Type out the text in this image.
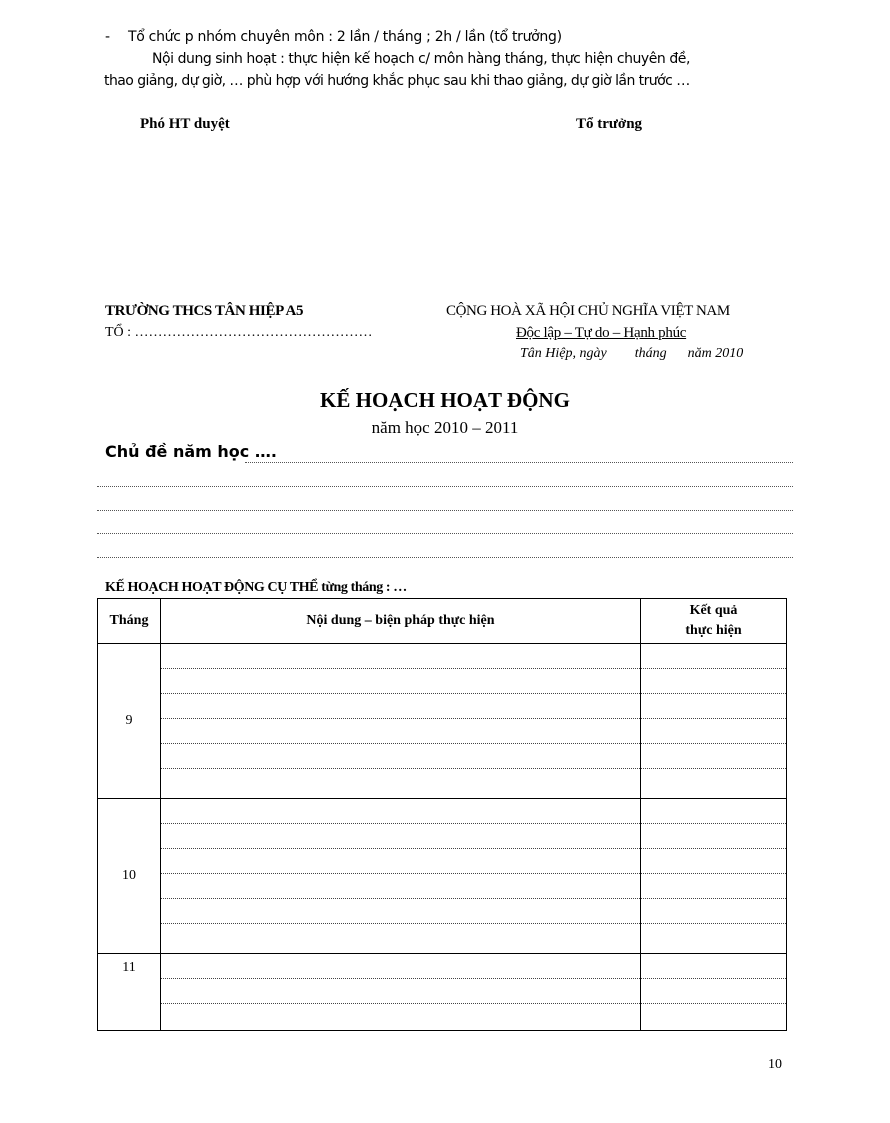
- Tổ chức p nhóm chuyên môn : 2 lần / tháng ; 2h / lần (tổ trưởng)
Nội dung sinh hoạt : thực hiện kế hoạch c/ môn hàng tháng, thực hiện chuyên đề,
thao giảng, dự giờ, … phù hợp với hướng khắc phục sau khi thao giảng, dự giờ lần trước …
Phó HT duyệt	Tổ trưởng
TRƯỜNG THCS TÂN HIỆP A5
TỔ : ……………………………………………
CỘNG HOÀ XÃ HỘI CHỦ NGHĨA VIỆT NAM
Độc lập – Tự do – Hạnh phúc
Tân Hiệp, ngày        tháng      năm 2010
KẾ HOẠCH HOẠT ĐỘNG
năm học 2010 – 2011
Chủ đề năm học ….
KẾ HOẠCH HOẠT ĐỘNG CỤ THỂ từng tháng : …
Tháng	Nội dung – biện pháp thực hiện	Kết quả
thực hiện
9	

10	

11	

10
